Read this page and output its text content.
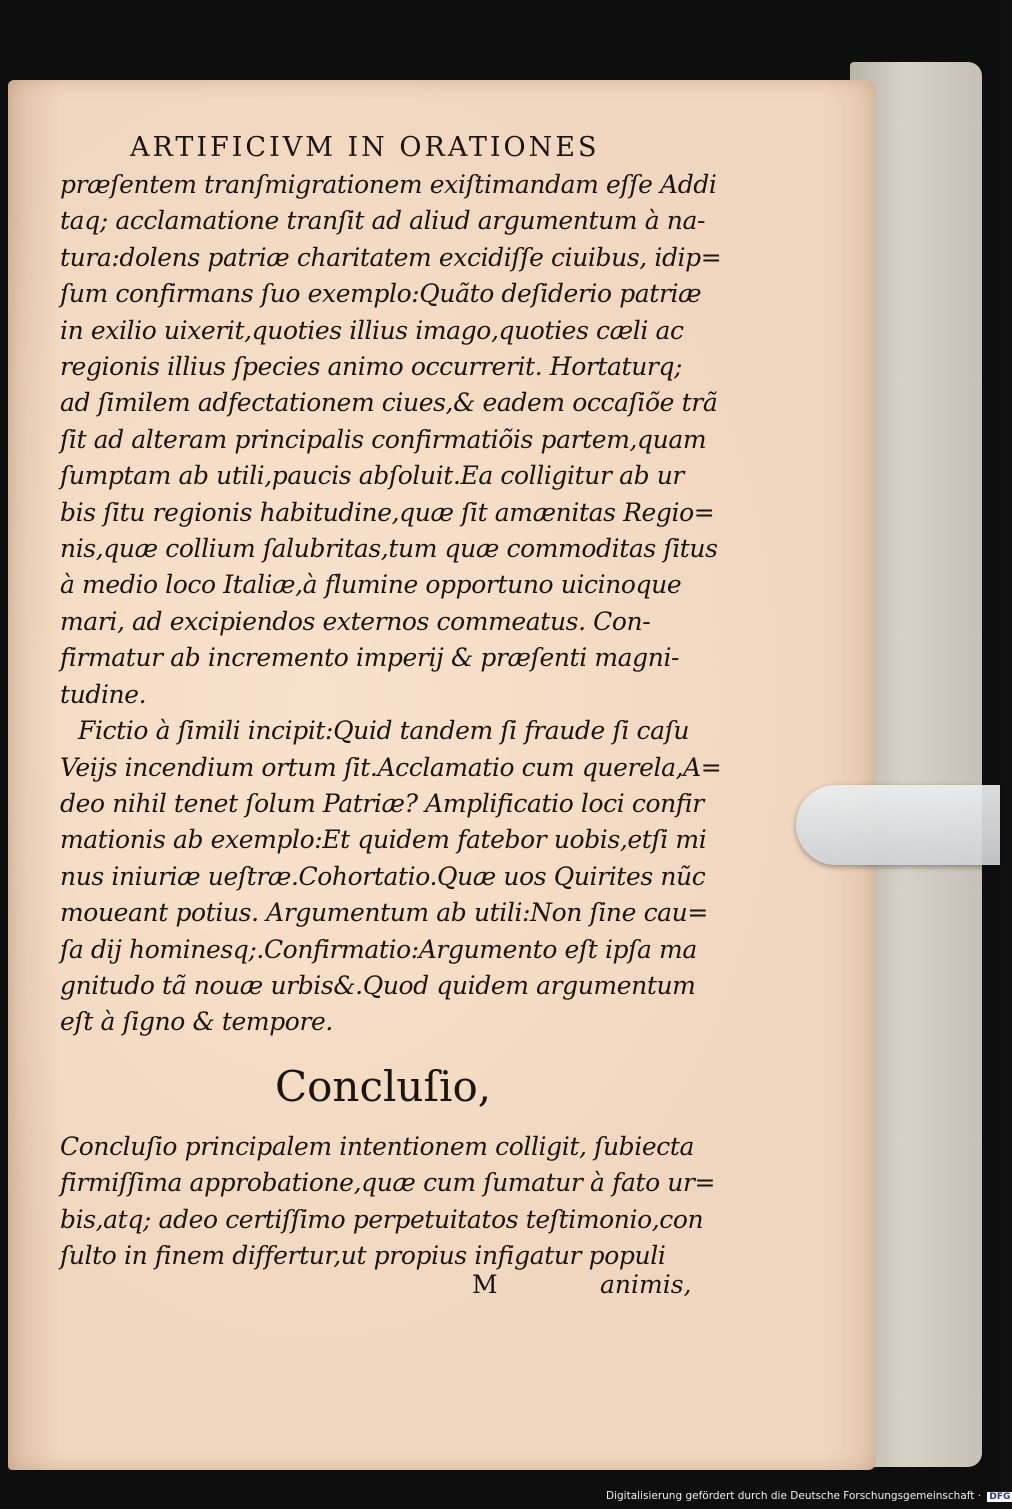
ARTIFICIVM IN ORATIONES
præſentem tranſmigrationem exiſtimandam eſſe Addi
taq; acclamatione tranſit ad aliud argumentum à na-
tura:dolens patriæ charitatem excidiſſe ciuibus, idip=
ſum confirmans ſuo exemplo:Quãto deſiderio patriæ
in exilio uixerit,quoties illius imago,quoties cæli ac
regionis illius ſpecies animo occurrerit. Hortaturq;
ad ſimilem adfectationem ciues,& eadem occaſiõe trã
ſit ad alteram principalis confirmatiõis partem,quam
ſumptam ab utili,paucis abſoluit.Ea colligitur ab ur
bis ſitu regionis habitudine,quæ ſit amænitas Regio=
nis,quæ collium ſalubritas,tum quæ commoditas ſitus
à medio loco Italiæ,à flumine opportuno uicinoque
mari, ad excipiendos externos commeatus. Con-
firmatur ab incremento imperij & præſenti magni-
tudine.
Fictio à ſimili incipit:Quid tandem ſi fraude ſi caſu
Veijs incendium ortum ſit.Acclamatio cum querela,A=
deo nihil tenet ſolum Patriæ? Amplificatio loci confir
mationis ab exemplo:Et quidem fatebor uobis,etſi mi
nus iniuriæ ueſtræ.Cohortatio.Quæ uos Quirites nũc
moueant potius. Argumentum ab utili:Non ſine cau=
ſa dij hominesq;.Confirmatio:Argumento eſt ipſa ma
gnitudo tã nouæ urbis&.Quod quidem argumentum
eſt à ſigno & tempore.
Concluſio,
Concluſio principalem intentionem colligit, ſubiecta
firmiſſima approbatione,quæ cum ſumatur à fato ur=
bis,atq; adeo certiſſimo perpetuitatos teſtimonio,con
ſulto in finem differtur,ut propius infigatur populi
M	animis,
Digitalisierung gefördert durch die Deutsche Forschungsgemeinschaft · DFG
